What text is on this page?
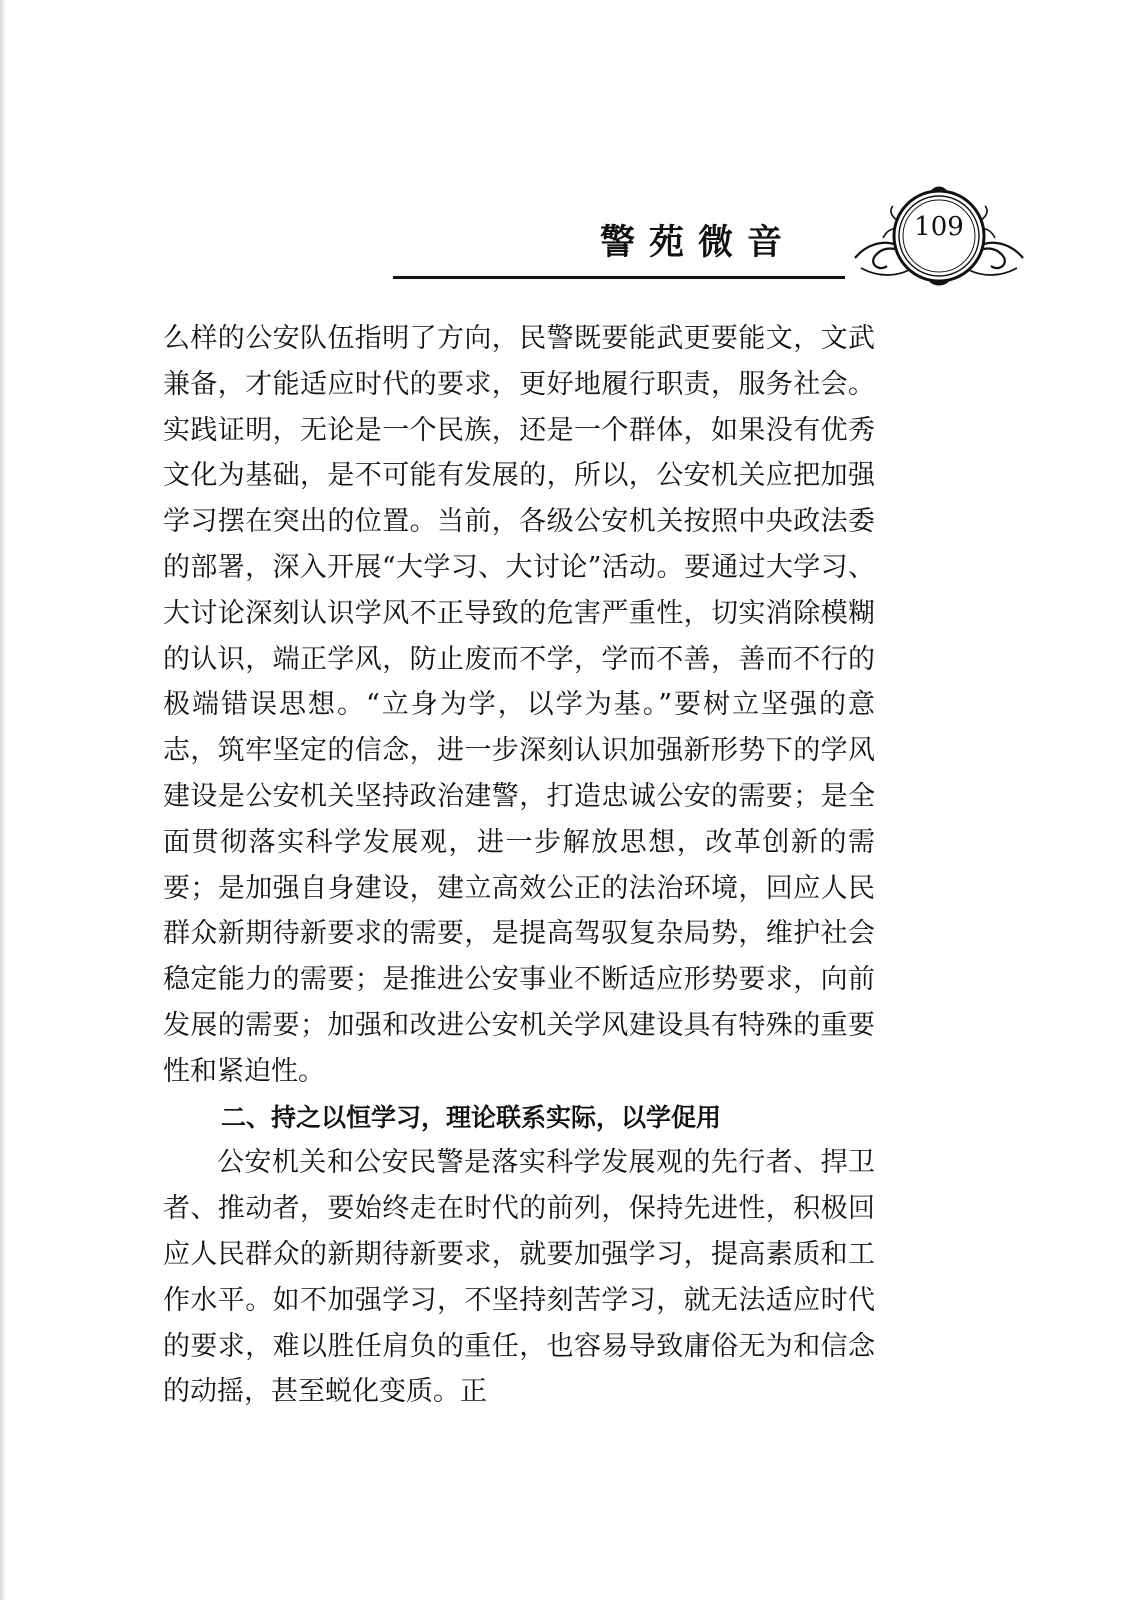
警苑微音	109

么样的公安队伍指明了方向，民警既要能武更要能文，文武兼备，才能适应时代的要求，更好地履行职责，服务社会。实践证明，无论是一个民族，还是一个群体，如果没有优秀文化为基础，是不可能有发展的，所以，公安机关应把加强学习摆在突出的位置。当前，各级公安机关按照中央政法委的部署，深入开展“大学习、大讨论”活动。要通过大学习、大讨论深刻认识学风不正导致的危害严重性，切实消除模糊的认识，端正学风，防止废而不学，学而不善，善而不行的极端错误思想。“立身为学，以学为基。”要树立坚强的意志，筑牢坚定的信念，进一步深刻认识加强新形势下的学风建设是公安机关坚持政治建警，打造忠诚公安的需要；是全面贯彻落实科学发展观，进一步解放思想，改革创新的需要；是加强自身建设，建立高效公正的法治环境，回应人民群众新期待新要求的需要，是提高驾驭复杂局势，维护社会稳定能力的需要；是推进公安事业不断适应形势要求，向前发展的需要；加强和改进公安机关学风建设具有特殊的重要性和紧迫性。

二、持之以恒学习，理论联系实际，以学促用

公安机关和公安民警是落实科学发展观的先行者、捍卫者、推动者，要始终走在时代的前列，保持先进性，积极回应人民群众的新期待新要求，就要加强学习，提高素质和工作水平。如不加强学习，不坚持刻苦学习，就无法适应时代的要求，难以胜任肩负的重任，也容易导致庸俗无为和信念的动摇，甚至蜕化变质。正
